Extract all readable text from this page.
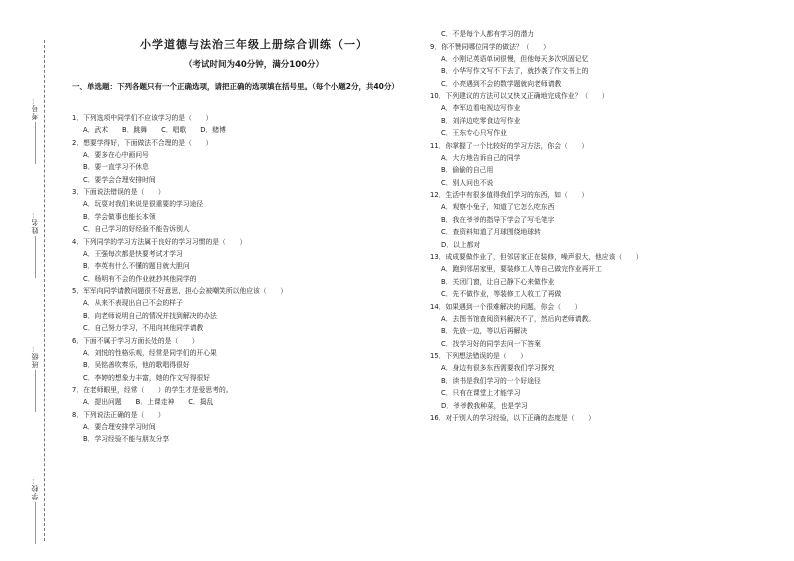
考号：
姓名：
班级：
学校：
小学道德与法治三年级上册综合训练（一）
（考试时间为40分钟，满分100分）
一、单选题：下列各题只有一个正确选项，请把正确的选项填在括号里。（每个小题2分，共40分）
1．下列选项中同学们不应该学习的是（　　）
A．武术 B．跳舞 C．唱歌 D．赌博
2．想要学得好，下面做法不合理的是（　　）
A．要多在心中画问号
B．要一直学习不休息
C．要学会合理安排时间
3．下面说法错误的是（　　）
A．玩耍对我们来说是很重要的学习途径
B．学会做事也能长本领
C．自己学习的好经验不能告诉别人
4．下列同学的学习方法属于良好的学习习惯的是（　　）
A．王强每次都是快要考试才学习
B．李英有什么不懂的题目就大胆问
C．杨明有不会的作业就抄其他同学的
5．军军向同学请教问题很不好意思，担心会被嘲笑所以他应该（　　）
A．从来不表现出自己不会的样子
B．向老师说明自己的情况并找到解决的办法
C．自己努力学习，不用向其他同学请教
6．下面不属于学习方面长处的是（　　）
A．刘悦的性格乐观，经常是同学们的开心果
B．吴铭善吹奏乐，他的歌唱得很好
C．李婷的想象力丰富，她的作文写得很好
7．在老师眼里，经常（　　）的学生才是爱思考的。
A．提出问题 B．上课走神 C．捣乱
8．下列说法正确的是（　　）
A．要合理安排学习时间
B．学习经验不能与朋友分享
C．不是每个人都有学习的潜力
9．你不赞同哪位同学的做法？（　　）
A．小刚记英语单词很慢，但他每天多次巩固记忆
B．小华写作文写不下去了，就抄袭了作文书上的
C．小亮遇到不会的数学题就向老师请教
10．下列建议的方法可以又快又正确地完成作业？（　　）
A．李军边看电视边写作业
B．刘洋边吃零食边写作业
C．王东专心只写作业
11．你掌握了一个比较好的学习方法，你会（　　）
A．大方地告诉自己的同学
B．偷偷的自己用
C．别人问也不说
12．生活中有很多值得我们学习的东西，如（　　）
A．观察小兔子，知道了它怎么吃东西
B．我在爷爷的指导下学会了写毛笔字
C．查资料知道了月球围绕地球转
D．以上都对
13．成成要做作业了，但邻居家正在装修，噪声很大，他应该（　　）
A．跑到邻居家里，要装修工人等自己做完作业再开工
B．关闭门窗，让自己静下心来做作业
C．先不做作业，等装修工人收工了再做
14．如果遇到一个很难解决的问题，你会（　　）
A．去图书馆查阅资料解决不了，然后向老师请教。
B．先放一边，等以后再解决
C．找学习好的同学去问一下答案
15．下列想法错误的是（　　）
A．身边有很多东西需要我们学习探究
B．读书是我们学习的一个好途径
C．只有在课堂上才能学习
D．爷爷教我种菜，也是学习
16．对于别人的学习经验，以下正确的态度是（　　）
